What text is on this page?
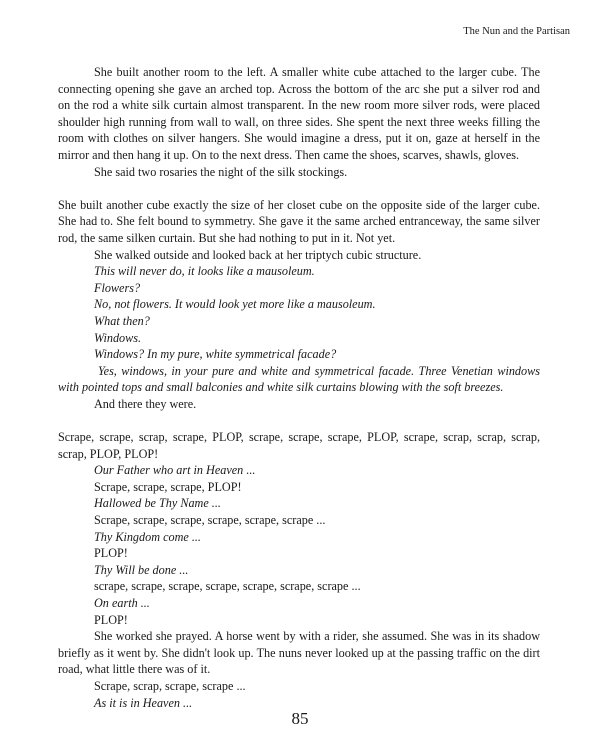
The Nun and the Partisan

She built another room to the left. A smaller white cube attached to the larger cube. The connecting opening she gave an arched top. Across the bottom of the arc she put a silver rod and on the rod a white silk curtain almost transparent. In the new room more silver rods, were placed shoulder high running from wall to wall, on three sides. She spent the next three weeks filling the room with clothes on silver hangers. She would imagine a dress, put it on, gaze at herself in the mirror and then hang it up. On to the next dress. Then came the shoes, scarves, shawls, gloves.

She said two rosaries the night of the silk stockings.

She built another cube exactly the size of her closet cube on the opposite side of the larger cube. She had to. She felt bound to symmetry. She gave it the same arched entranceway, the same silver rod, the same silken curtain. But she had nothing to put in it. Not yet.

She walked outside and looked back at her triptych cubic structure.

This will never do, it looks like a mausoleum.

Flowers?

No, not flowers. It would look yet more like a mausoleum.

What then?

Windows.

Windows? In my pure, white symmetrical facade?

Yes, windows, in your pure and white and symmetrical facade. Three Venetian windows with pointed tops and small balconies and white silk curtains blowing with the soft breezes.

And there they were.

Scrape, scrape, scrap, scrape, PLOP, scrape, scrape, scrape, PLOP, scrape, scrap, scrap, scrap, scrap, PLOP, PLOP!

Our Father who art in Heaven ...

Scrape, scrape, scrape, PLOP!

Hallowed be Thy Name ...

Scrape, scrape, scrape, scrape, scrape, scrape ...

Thy Kingdom come ...

PLOP!

Thy Will be done ...

scrape, scrape, scrape, scrape, scrape, scrape, scrape ...

On earth ...

PLOP!

She worked she prayed. A horse went by with a rider, she assumed. She was in its shadow briefly as it went by. She didn't look up. The nuns never looked up at the passing traffic on the dirt road, what little there was of it.

Scrape, scrap, scrape, scrape ...

As it is in Heaven ...

85
